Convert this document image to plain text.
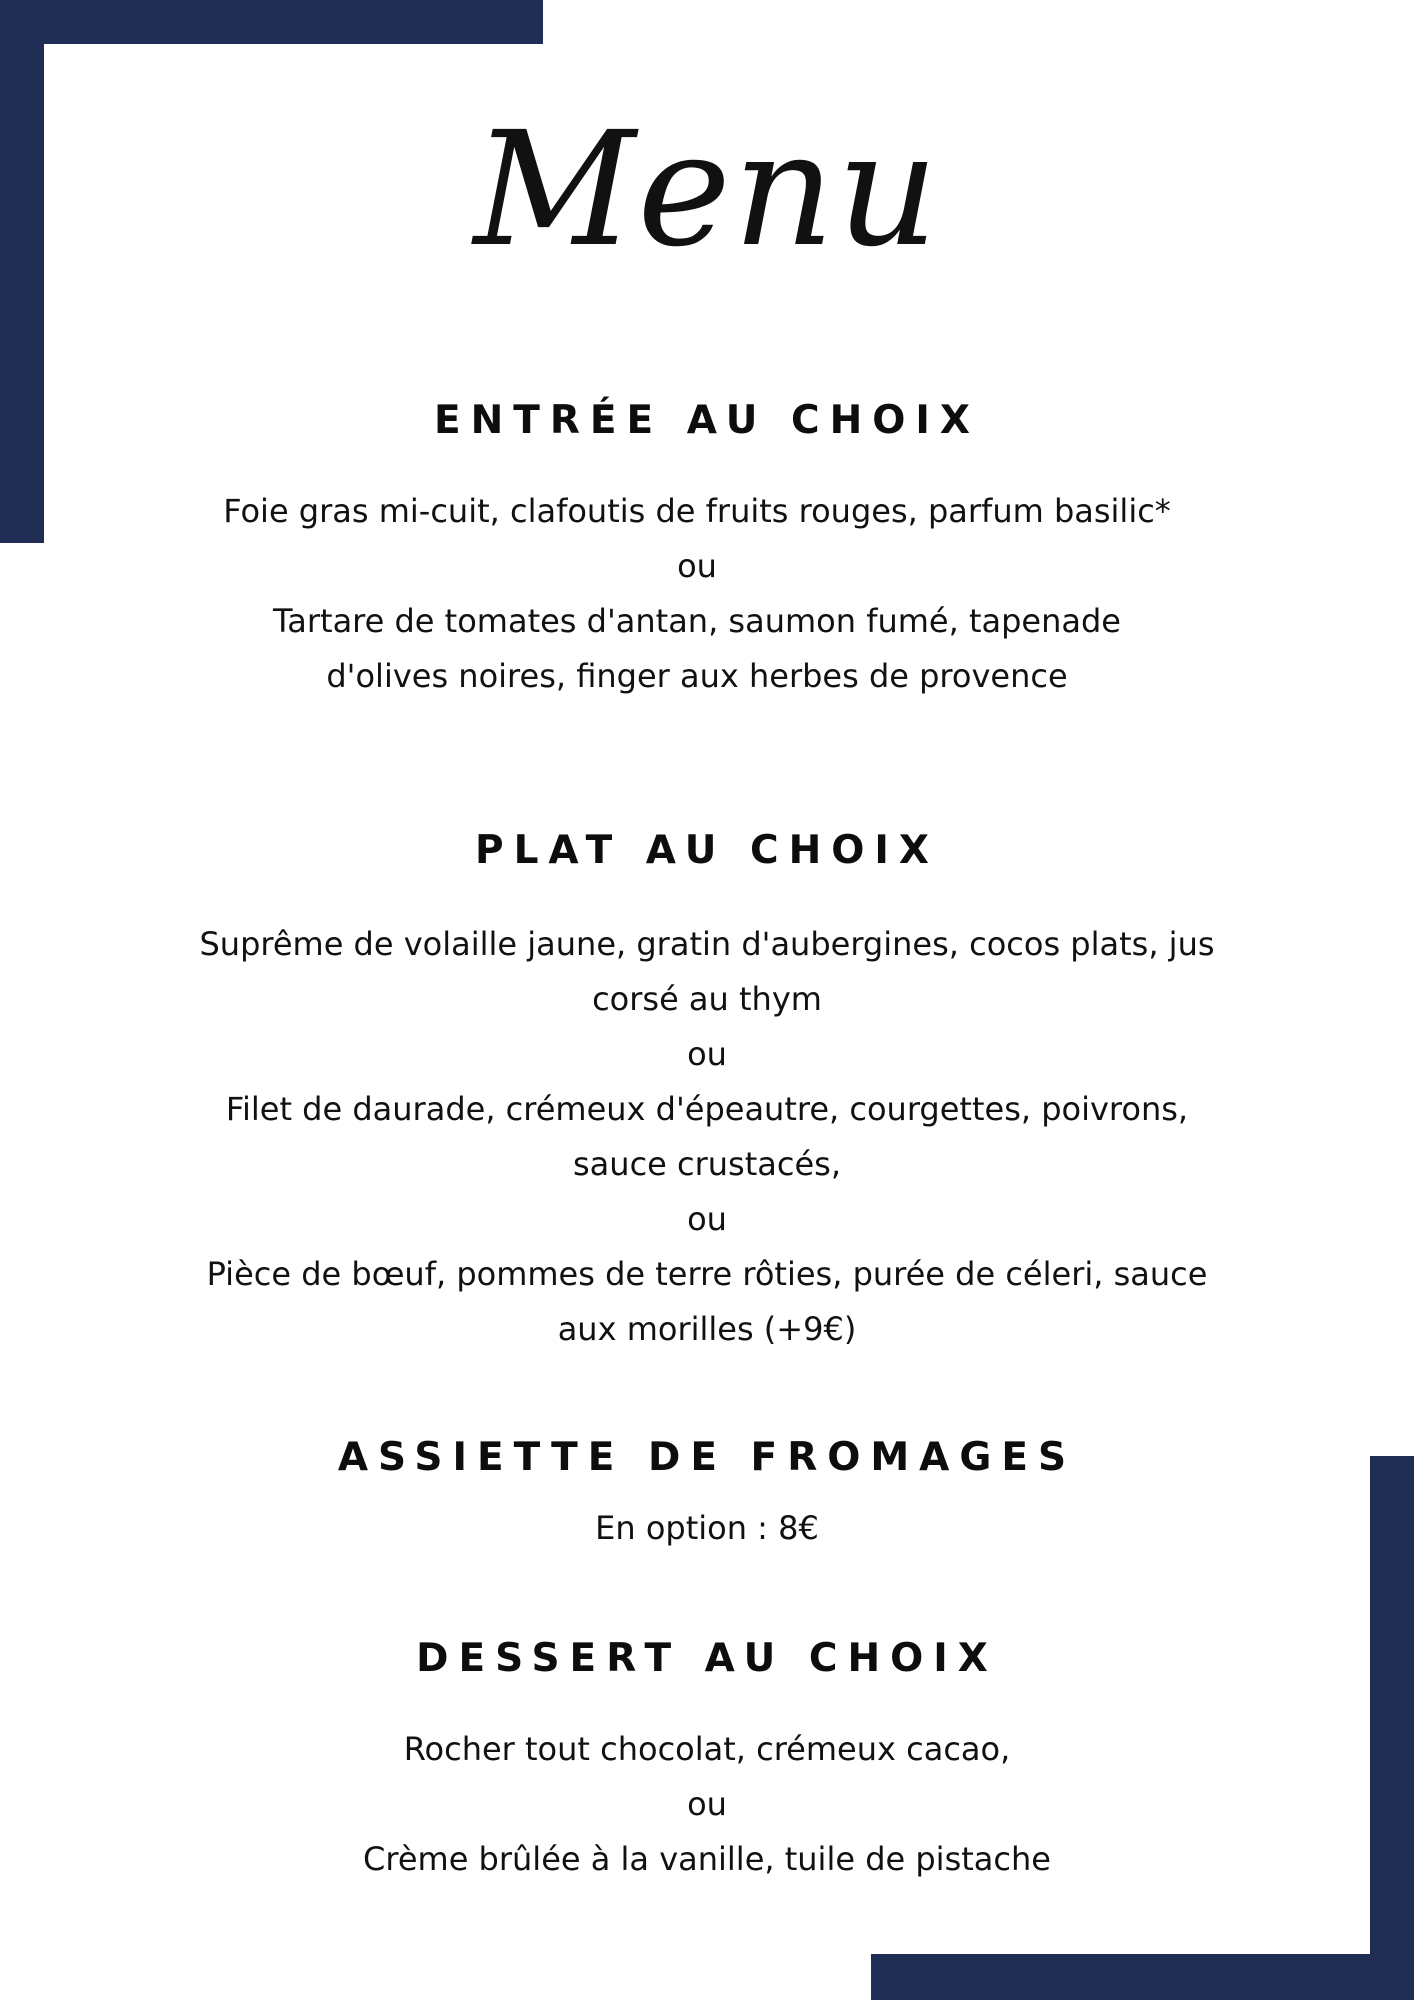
Menu
ENTRÉE AU CHOIX
Foie gras mi-cuit, clafoutis de fruits rouges, parfum basilic*
ou
Tartare de tomates d'antan, saumon fumé, tapenade
d'olives noires, finger aux herbes de provence
PLAT AU CHOIX
Suprême de volaille jaune, gratin d'aubergines, cocos plats, jus
corsé au thym
ou
Filet de daurade, crémeux d'épeautre, courgettes, poivrons,
sauce crustacés,
ou
Pièce de bœuf, pommes de terre rôties, purée de céleri, sauce
aux morilles (+9€)
ASSIETTE DE FROMAGES
En option : 8€
DESSERT AU CHOIX
Rocher tout chocolat, crémeux cacao,
ou
Crème brûlée à la vanille, tuile de pistache
